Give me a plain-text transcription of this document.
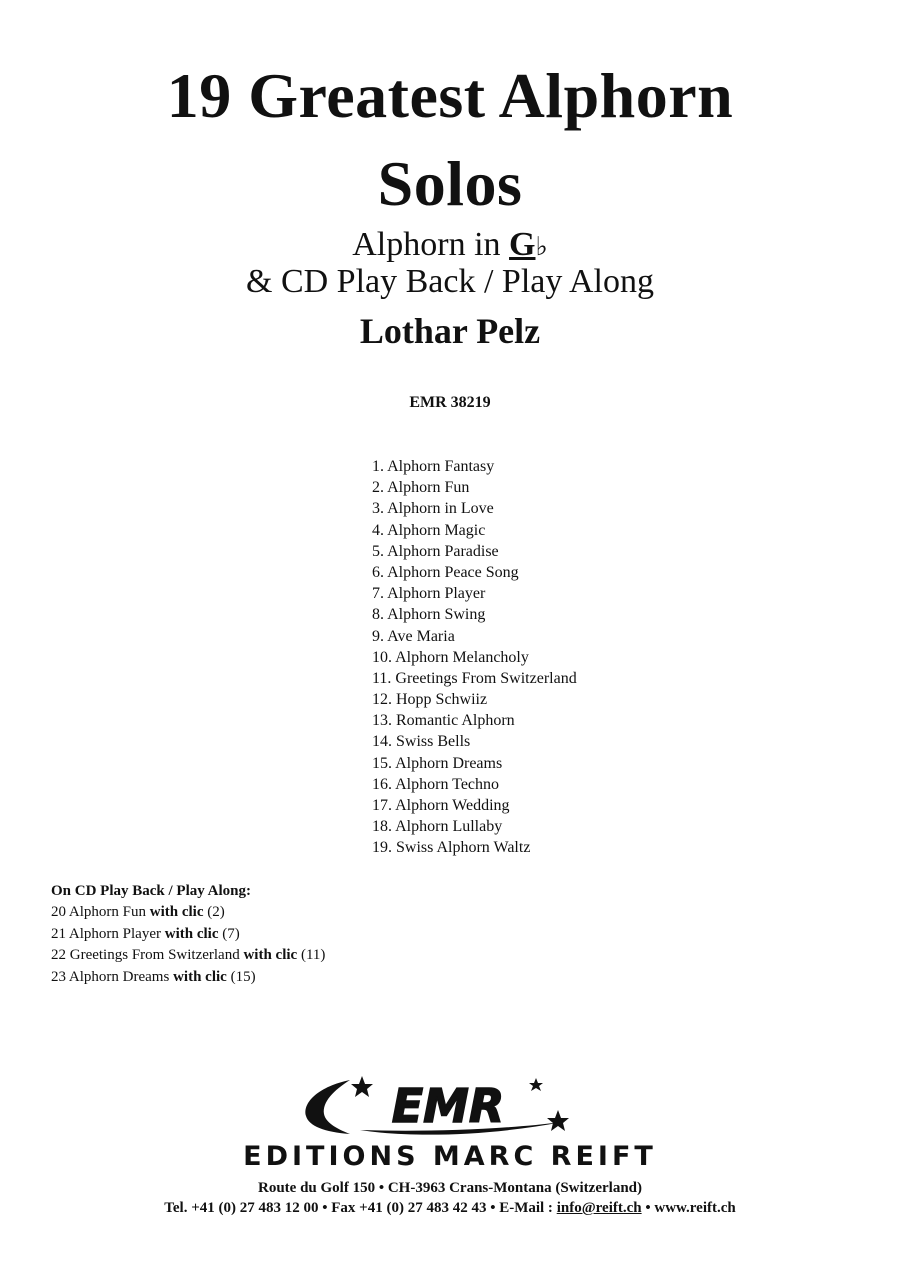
19 Greatest Alphorn
Solos
Alphorn in G♭
& CD Play Back / Play Along
Lothar Pelz
EMR 38219
1. Alphorn Fantasy
2. Alphorn Fun
3. Alphorn in Love
4. Alphorn Magic
5. Alphorn Paradise
6. Alphorn Peace Song
7. Alphorn Player
8. Alphorn Swing
9. Ave Maria
10. Alphorn Melancholy
11. Greetings From Switzerland
12. Hopp Schwiiz
13. Romantic Alphorn
14. Swiss Bells
15. Alphorn Dreams
16. Alphorn Techno
17. Alphorn Wedding
18. Alphorn Lullaby
19. Swiss Alphorn Waltz
On CD Play Back / Play Along:
20 Alphorn Fun with clic (2)
21 Alphorn Player with clic (7)
22 Greetings From Switzerland with clic (11)
23 Alphorn Dreams with clic (15)
EMR
EDITIONS MARC REIFT
Route du Golf 150 • CH-3963 Crans-Montana (Switzerland)
Tel. +41 (0) 27 483 12 00 • Fax +41 (0) 27 483 42 43 • E-Mail : info@reift.ch • www.reift.ch
